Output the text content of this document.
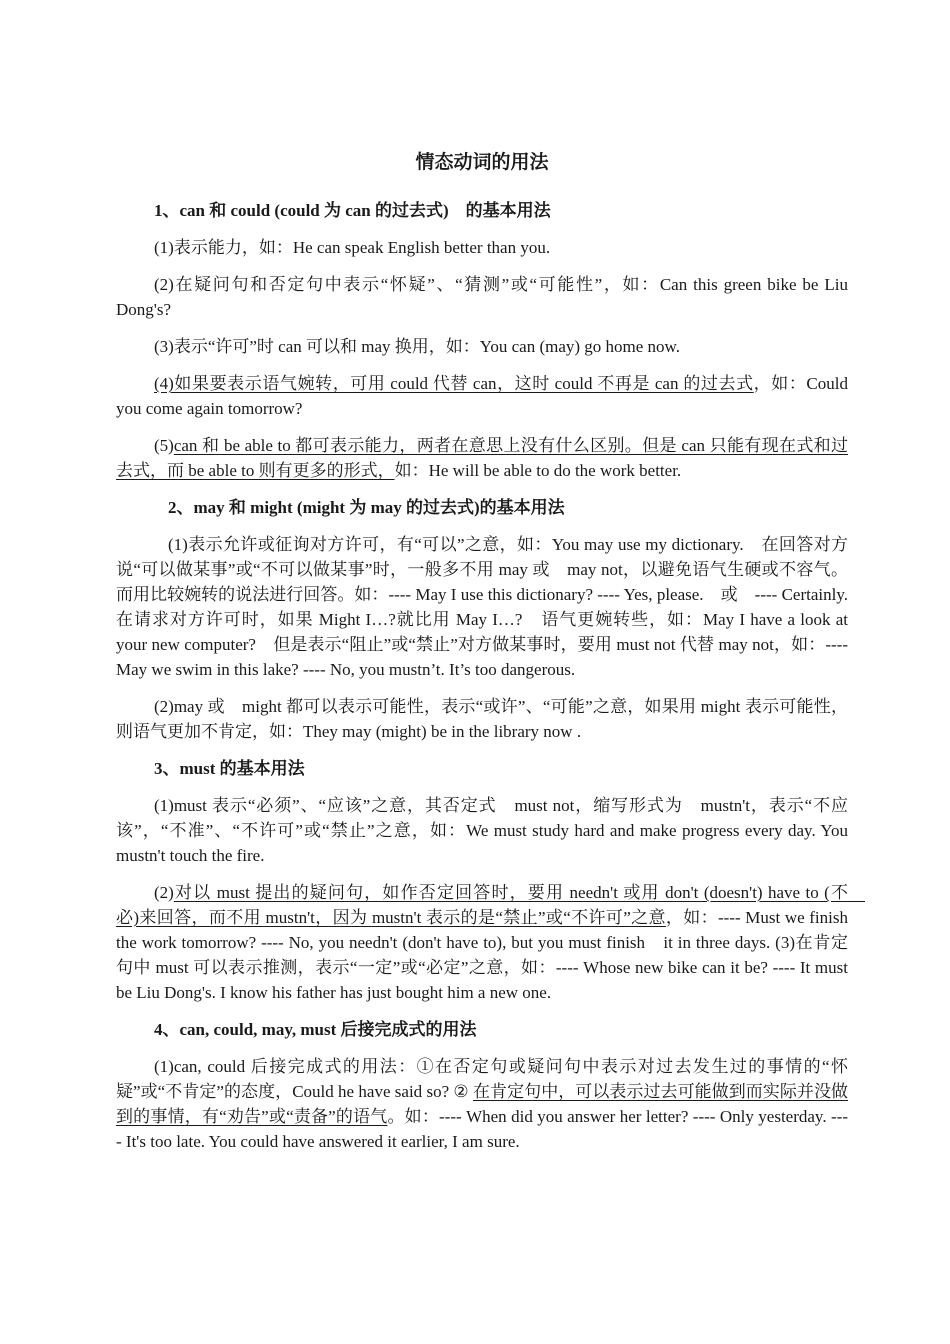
情态动词的用法
1、can 和 could (could 为 can 的过去式)　的基本用法

(1)表示能力，如：He can speak English better than you.

(2)在疑问句和否定句中表示“怀疑”、“猜测”或“可能性”，如：Can this green bike be Liu Dong's?

(3)表示“许可”时 can 可以和 may 换用，如：You can (may) go home now.

(4)如果要表示语气婉转，可用 could 代替 can，这时 could 不再是 can 的过去式，如：Could you come again tomorrow?

(5)can 和 be able to 都可表示能力，两者在意思上没有什么区别。但是 can 只能有现在式和过去式，而 be able to 则有更多的形式，如：He will be able to do the work better.

2、may 和 might (might 为 may 的过去式)的基本用法

(1)表示允许或征询对方许可，有“可以”之意，如：You may use my dictionary.　在回答对方说“可以做某事”或“不可以做某事”时，一般多不用 may 或　may not，以避免语气生硬或不容气。而用比较婉转的说法进行回答。如：---- May I use this dictionary? ---- Yes, please.　或　---- Certainly.　在请求对方许可时，如果 Might I…?就比用 May I…?　语气更婉转些，如：May I have a look at your new computer?　但是表示“阻止”或“禁止”对方做某事时，要用 must not 代替 may not，如：---- May we swim in this lake? ---- No, you mustn’t. It’s too dangerous.

(2)may 或　might 都可以表示可能性，表示“或许”、“可能”之意，如果用 might 表示可能性，则语气更加不肯定，如：They may (might) be in the library now .

3、must 的基本用法

(1)must 表示“必须”、“应该”之意，其否定式　must not，缩写形式为　mustn't，表示“不应该”，“不准”、“不许可”或“禁止”之意，如：We must study hard and make progress every day. You mustn't touch the fire.

(2)对以 must 提出的疑问句，如作否定回答时，要用 needn't 或用 don't (doesn't) have to (不　必)来回答，而不用 mustn't，因为 mustn't 表示的是“禁止”或“不许可”之意，如：---- Must we finish the work tomorrow? ---- No, you needn't (don't have to), but you must finish　it in three days. (3)在肯定句中 must 可以表示推测，表示“一定”或“必定”之意，如：---- Whose new bike can it be? ---- It must be Liu Dong's. I know his father has just bought him a new one.

4、can, could, may, must 后接完成式的用法

(1)can, could 后接完成式的用法：①在否定句或疑问句中表示对过去发生过的事情的“怀疑”或“不肯定”的态度，Could he have said so? ② 在肯定句中，可以表示过去可能做到而实际并没做到的事情，有“劝告”或“责备”的语气。如：---- When did you answer her letter? ---- Only yesterday. ---- It's too late. You could have answered it earlier, I am sure.
